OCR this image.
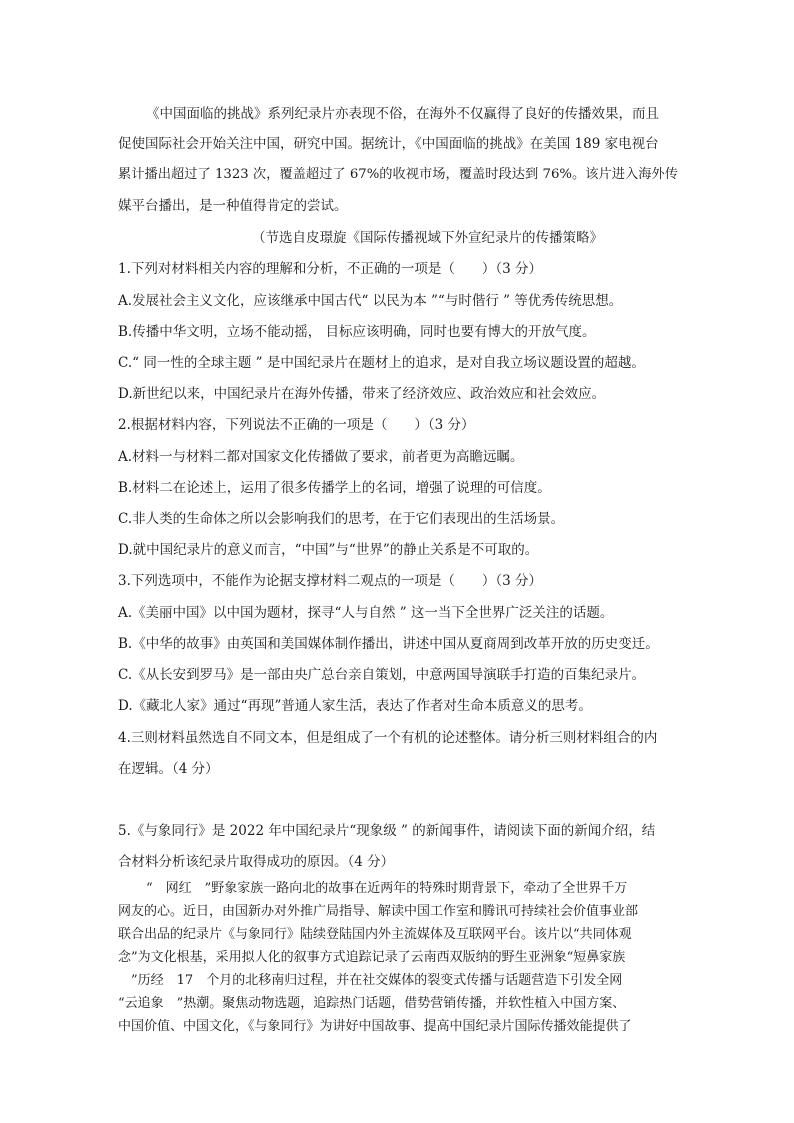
《中国面临的挑战》系列纪录片亦表现不俗，在海外不仅赢得了良好的传播效果，而且
促使国际社会开始关注中国，研究中国。据统计，《中国面临的挑战》在美国 189 家电视台
累计播出超过了 1323 次，覆盖超过了 67%的收视市场，覆盖时段达到 76%。该片进入海外传
媒平台播出，是一种值得肯定的尝试。
（节选自皮璟旋《国际传播视域下外宣纪录片的传播策略》
1.下列对材料相关内容的理解和分析，不正确的一项是（　　）（3 分）
A.发展社会主义文化，应该继承中国古代“ 以民为本 ”“与时偕行 ” 等优秀传统思想。
B.传播中华文明，立场不能动摇， 目标应该明确，同时也要有博大的开放气度。
C.“ 同一性的全球主题 ” 是中国纪录片在题材上的追求，是对自我立场议题设置的超越。
D.新世纪以来，中国纪录片在海外传播，带来了经济效应、政治效应和社会效应。
2.根据材料内容，下列说法不正确的一项是（　　）（3 分）
A.材料一与材料二都对国家文化传播做了要求，前者更为高瞻远瞩。
B.材料二在论述上，运用了很多传播学上的名词，增强了说理的可信度。
C.非人类的生命体之所以会影响我们的思考，在于它们表现出的生活场景。
D.就中国纪录片的意义而言，“中国”与“世界”的静止关系是不可取的。
3.下列选项中，不能作为论据支撑材料二观点的一项是（　　）（3 分）
A.《美丽中国》以中国为题材，探寻“人与自然 ” 这一当下全世界广泛关注的话题。
B.《中华的故事》由英国和美国媒体制作播出，讲述中国从夏商周到改革开放的历史变迁。
C.《从长安到罗马》是一部由央广总台亲自策划，中意两国导演联手打造的百集纪录片。
D.《藏北人家》通过“再现”普通人家生活，表达了作者对生命本质意义的思考。
4.三则材料虽然选自不同文本，但是组成了一个有机的论述整体。请分析三则材料组合的内
在逻辑。（4 分）
5.《与象同行》是 2022 年中国纪录片“现象级 ” 的新闻事件，请阅读下面的新闻介绍，结
合材料分析该纪录片取得成功的原因。（4 分）
“　网红　”野象家族一路向北的故事在近两年的特殊时期背景下，牵动了全世界千万
网友的心。近日，由国新办对外推广局指导、解读中国工作室和腾讯可持续社会价值事业部
联合出品的纪录片《与象同行》陆续登陆国内外主流媒体及互联网平台。该片以“共同体观
念”为文化根基，采用拟人化的叙事方式追踪记录了云南西双版纳的野生亚洲象“短鼻家族
　”历经　17　个月的北移南归过程，并在社交媒体的裂变式传播与话题营造下引发全网
“云追象　”热潮。聚焦动物选题，追踪热门话题，借势营销传播，并软性植入中国方案、
中国价值、中国文化，《与象同行》为讲好中国故事、提高中国纪录片国际传播效能提供了
